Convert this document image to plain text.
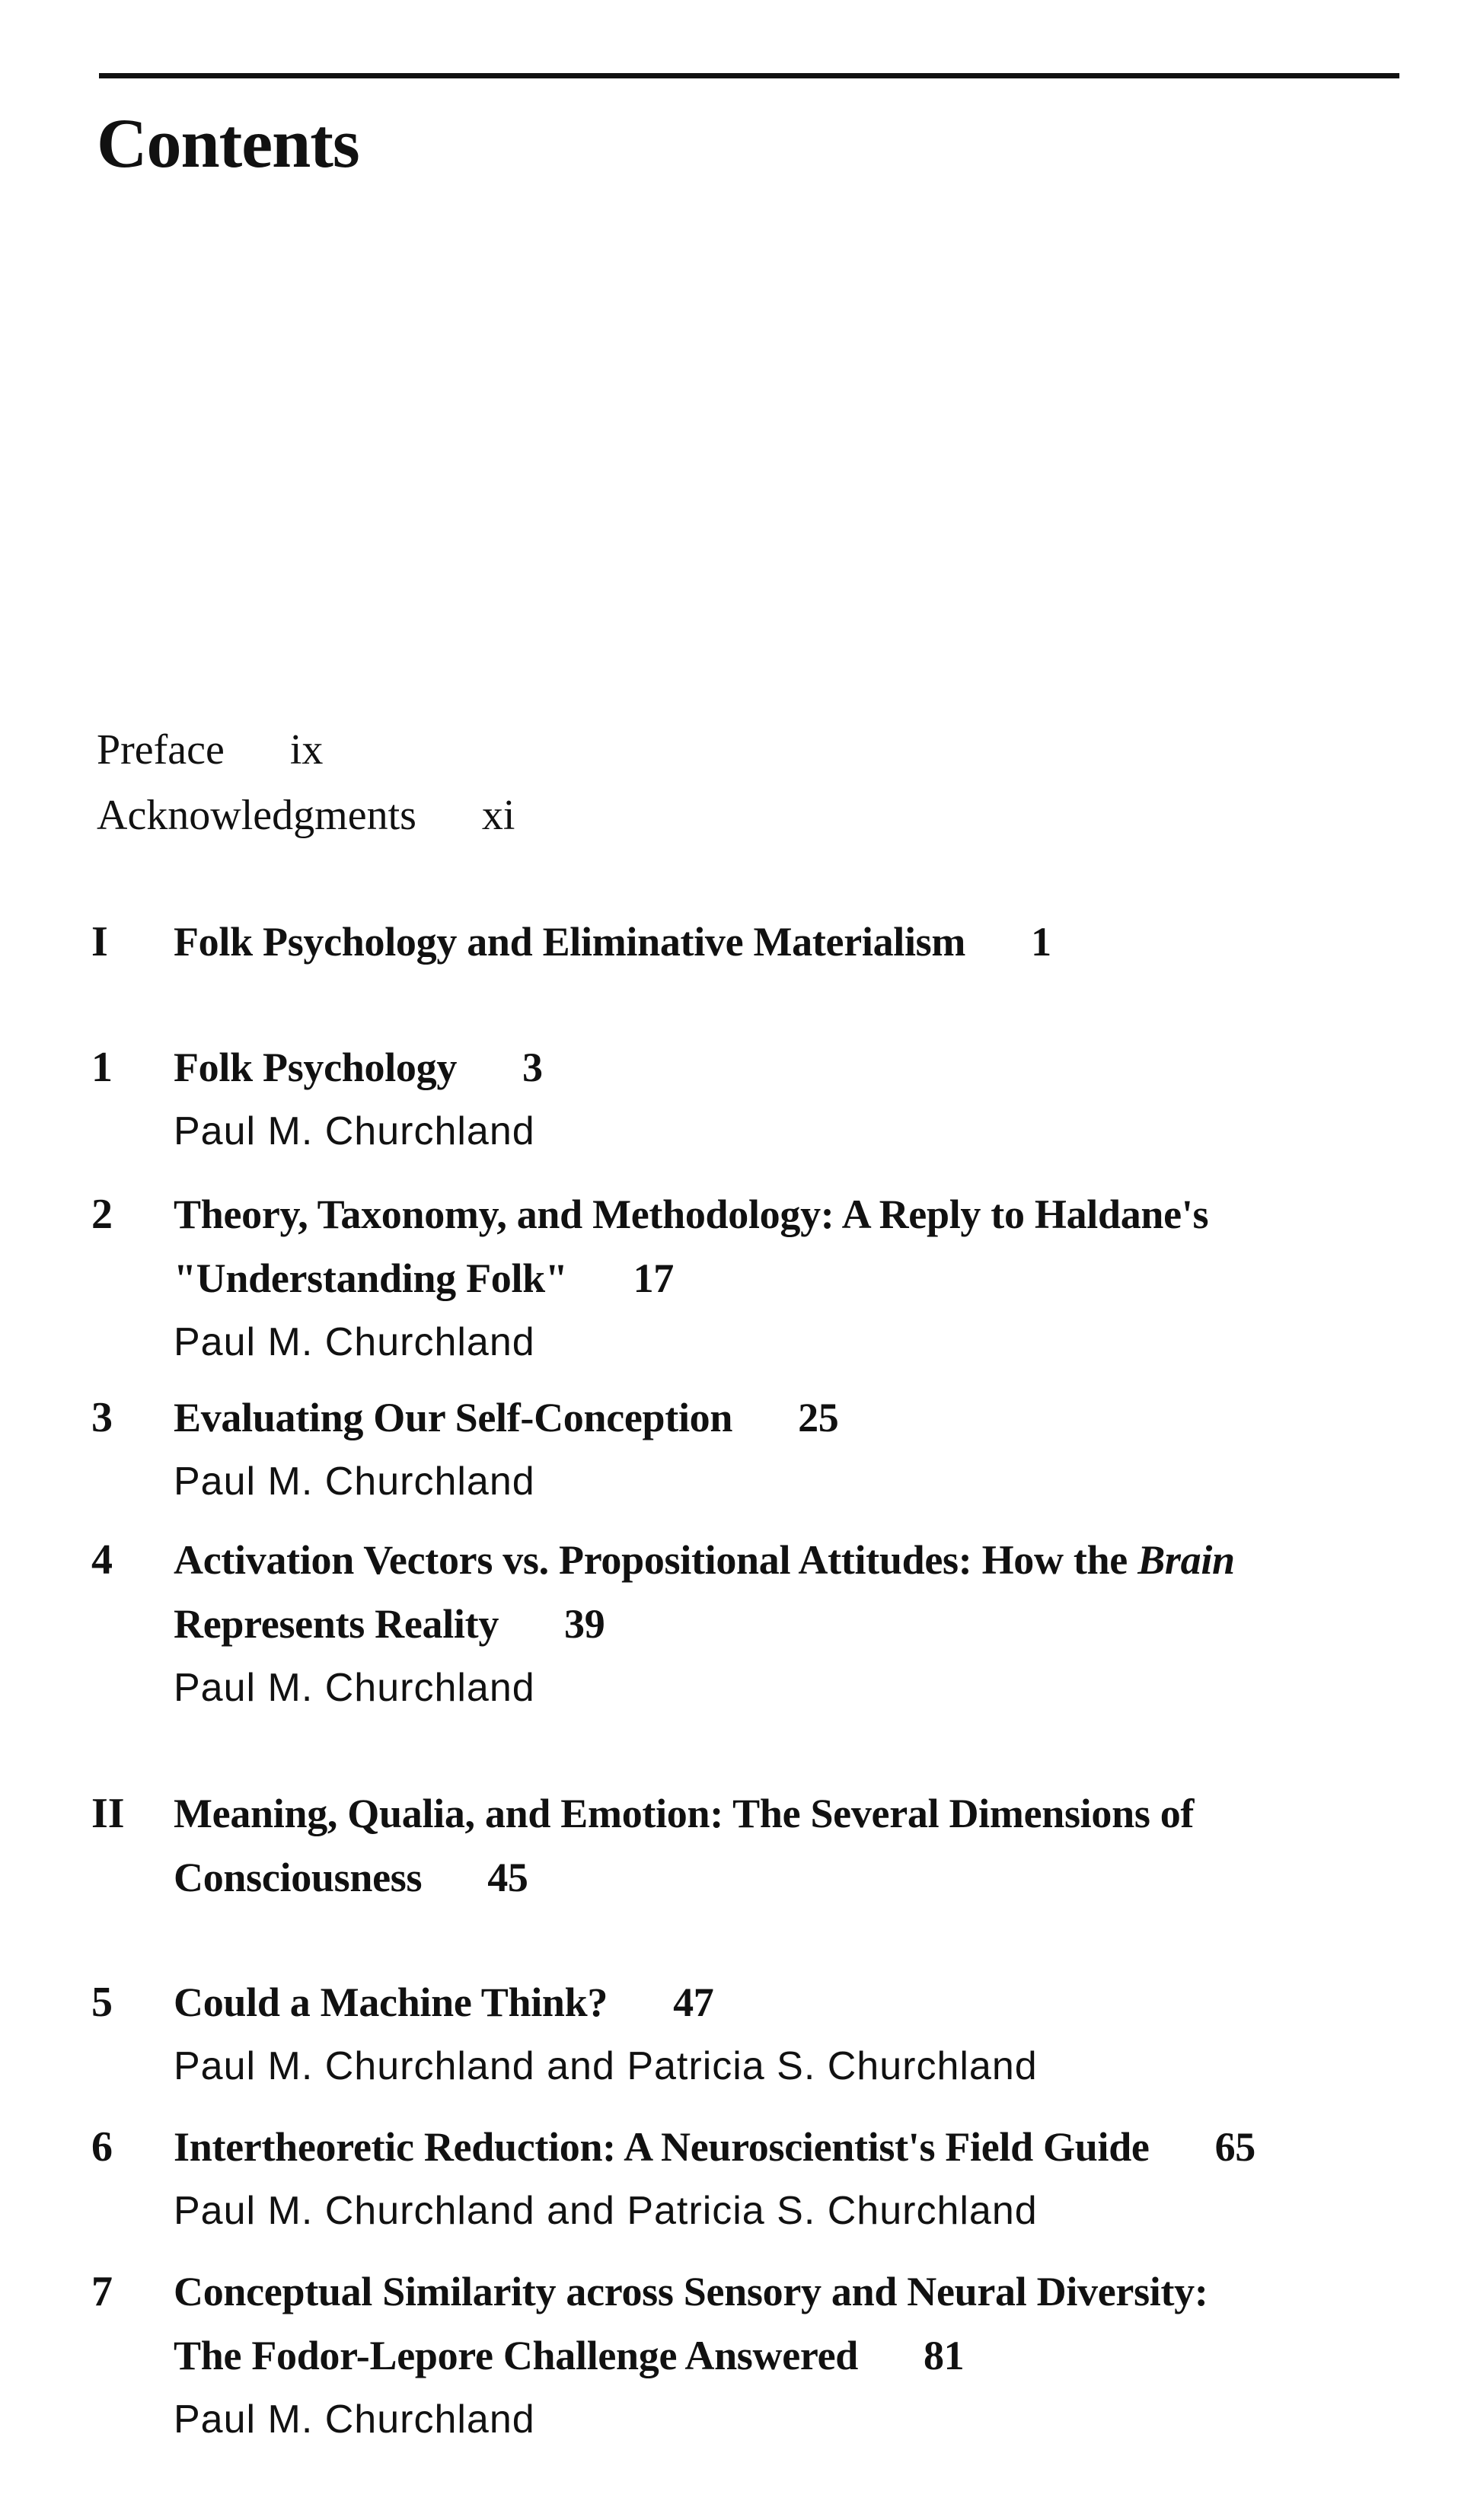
Contents
Preface ix
Acknowledgments xi
I	Folk Psychology and Eliminative Materialism 1
1	Folk Psychology 3
Paul M. Churchland
2	Theory, Taxonomy, and Methodology: A Reply to Haldane's
"Understanding Folk" 17
Paul M. Churchland
3	Evaluating Our Self-Conception 25
Paul M. Churchland
4	Activation Vectors vs. Propositional Attitudes: How the Brain
Represents Reality 39
Paul M. Churchland
II	Meaning, Qualia, and Emotion: The Several Dimensions of
Consciousness 45
5	Could a Machine Think? 47
Paul M. Churchland and Patricia S. Churchland
6	Intertheoretic Reduction: A Neuroscientist's Field Guide 65
Paul M. Churchland and Patricia S. Churchland
7	Conceptual Similarity across Sensory and Neural Diversity:
The Fodor-Lepore Challenge Answered 81
Paul M. Churchland
